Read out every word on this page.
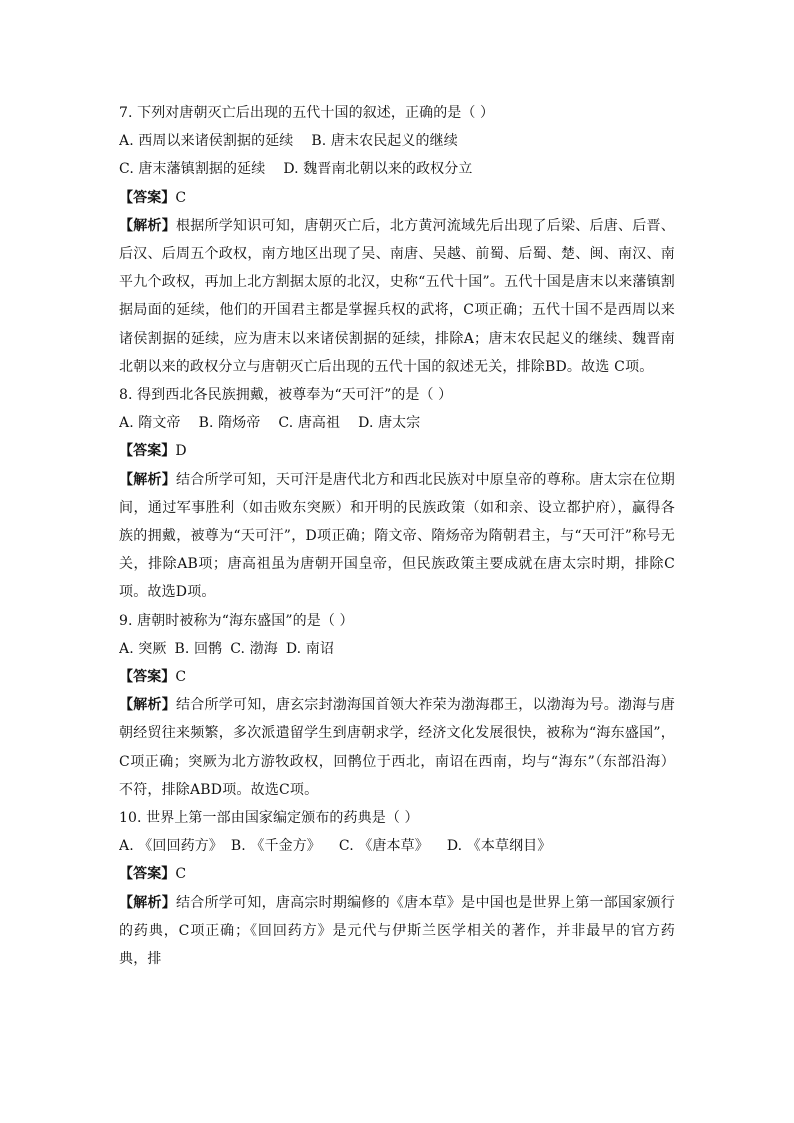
7. 下列对唐朝灭亡后出现的五代十国的叙述，正确的是（ ）
A. 西周以来诸侯割据的延续 B. 唐末农民起义的继续
C. 唐末藩镇割据的延续 D. 魏晋南北朝以来的政权分立
【答案】C
【解析】根据所学知识可知，唐朝灭亡后，北方黄河流域先后出现了后梁、后唐、后晋、后汉、后周五个政权，南方地区出现了吴、南唐、吴越、前蜀、后蜀、楚、闽、南汉、南平九个政权，再加上北方割据太原的北汉，史称“五代十国”。五代十国是唐末以来藩镇割据局面的延续，他们的开国君主都是掌握兵权的武将，C项正确；五代十国不是西周以来诸侯割据的延续，应为唐末以来诸侯割据的延续，排除A；唐末农民起义的继续、魏晋南北朝以来的政权分立与唐朝灭亡后出现的五代十国的叙述无关，排除BD。故选 C项。
8. 得到西北各民族拥戴，被尊奉为“天可汗”的是（ ）
A. 隋文帝 B. 隋炀帝 C. 唐高祖 D. 唐太宗
【答案】D
【解析】结合所学可知，天可汗是唐代北方和西北民族对中原皇帝的尊称。唐太宗在位期间，通过军事胜利（如击败东突厥）和开明的民族政策（如和亲、设立都护府），赢得各族的拥戴，被尊为“天可汗”，D项正确；隋文帝、隋炀帝为隋朝君主，与“天可汗”称号无关，排除AB项；唐高祖虽为唐朝开国皇帝，但民族政策主要成就在唐太宗时期，排除C项。故选D项。
9. 唐朝时被称为“海东盛国”的是（ ）
A. 突厥 B. 回鹘 C. 渤海 D. 南诏
【答案】C
【解析】结合所学可知，唐玄宗封渤海国首领大祚荣为渤海郡王，以渤海为号。渤海与唐朝经贸往来频繁，多次派遣留学生到唐朝求学，经济文化发展很快，被称为“海东盛国”，C项正确；突厥为北方游牧政权，回鹘位于西北，南诏在西南，均与“海东”（东部沿海）不符，排除ABD项。故选C项。
10. 世界上第一部由国家编定颁布的药典是（ ）
A. 《回回药方》 B. 《千金方》 C. 《唐本草》 D. 《本草纲目》
【答案】C
【解析】结合所学可知，唐高宗时期编修的《唐本草》是中国也是世界上第一部国家颁行的药典，C项正确；《回回药方》是元代与伊斯兰医学相关的著作，并非最早的官方药典，排
